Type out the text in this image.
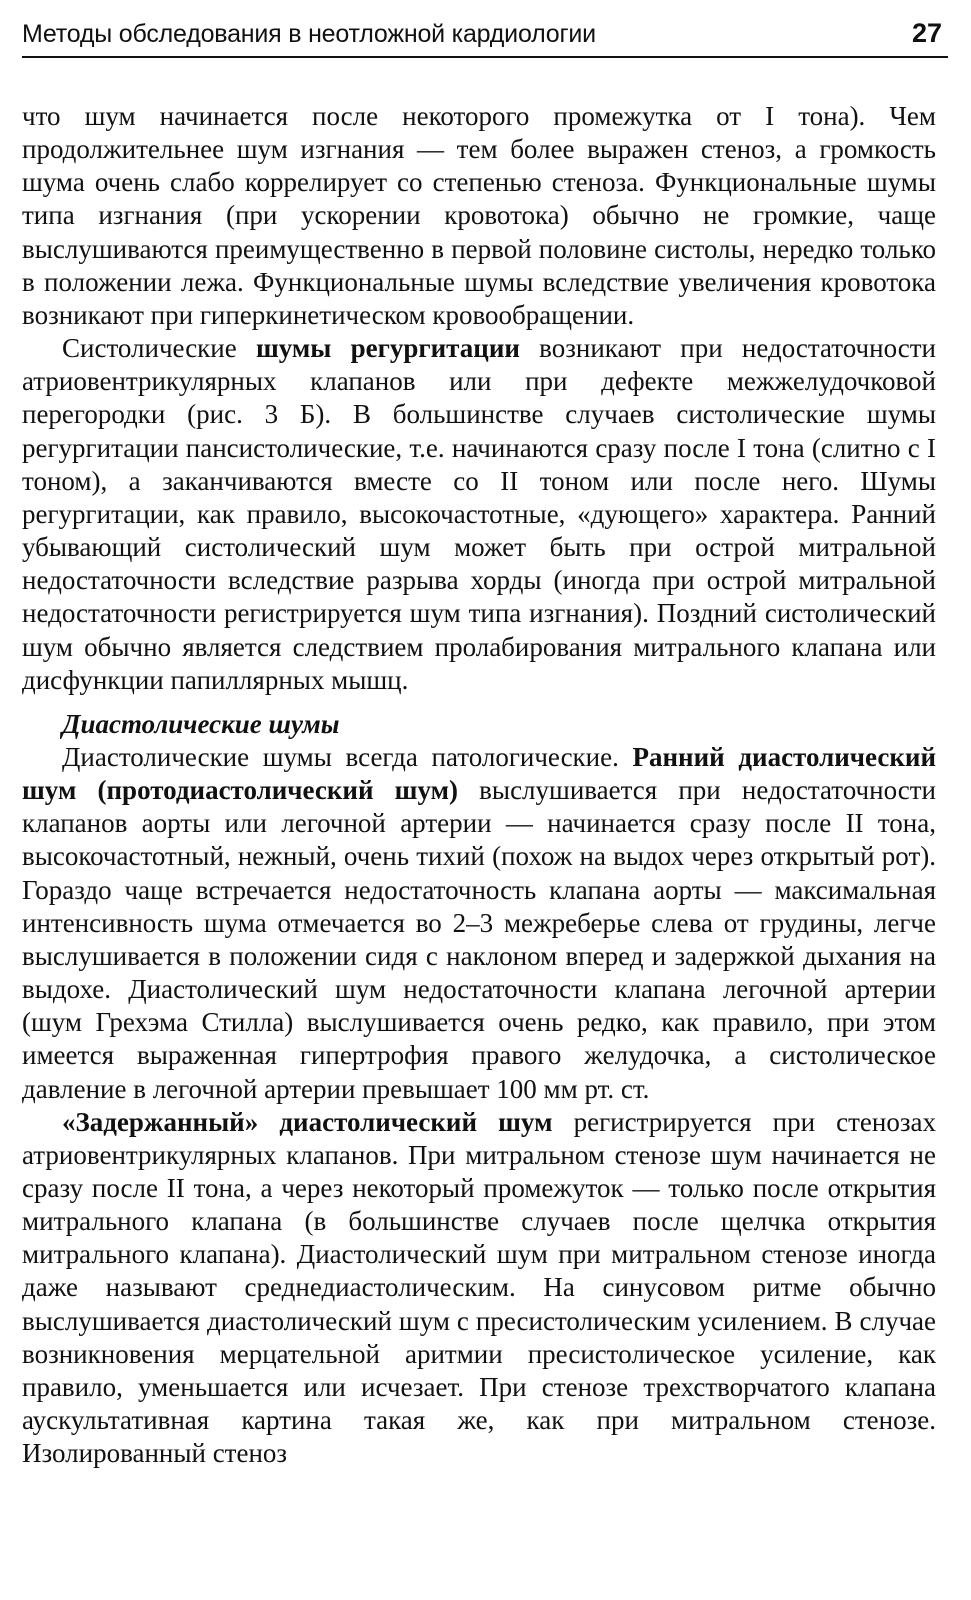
Методы обследования в неотложной кардиологии	27

что шум начинается после некоторого промежутка от I тона). Чем продолжительнее шум изгнания — тем более выражен стеноз, а громкость шума очень слабо коррелирует со степенью стеноза. Функциональные шумы типа изгнания (при ускорении кровотока) обычно не громкие, чаще выслушиваются преимущественно в первой половине систолы, нередко только в положении лежа. Функциональные шумы вследствие увеличения кровотока возникают при гиперкинетическом кровообращении.

Систолические шумы регургитации возникают при недостаточности атриовентрикулярных клапанов или при дефекте межжелудочковой перегородки (рис. 3 Б). В большинстве случаев систолические шумы регургитации пансистолические, т.е. начинаются сразу после I тона (слитно с I тоном), а заканчиваются вместе со II тоном или после него. Шумы регургитации, как правило, высокочастотные, «дующего» характера. Ранний убывающий систолический шум может быть при острой митральной недостаточности вследствие разрыва хорды (иногда при острой митральной недостаточности регистрируется шум типа изгнания). Поздний систолический шум обычно является следствием пролабирования митрального клапана или дисфункции папиллярных мышц.

Диастолические шумы

Диастолические шумы всегда патологические. Ранний диастолический шум (протодиастолический шум) выслушивается при недостаточности клапанов аорты или легочной артерии — начинается сразу после II тона, высокочастотный, нежный, очень тихий (похож на выдох через открытый рот). Гораздо чаще встречается недостаточность клапана аорты — максимальная интенсивность шума отмечается во 2–3 межреберье слева от грудины, легче выслушивается в положении сидя с наклоном вперед и задержкой дыхания на выдохе. Диастолический шум недостаточности клапана легочной артерии (шум Грехэма Стилла) выслушивается очень редко, как правило, при этом имеется выраженная гипертрофия правого желудочка, а систолическое давление в легочной артерии превышает 100 мм рт. ст.

«Задержанный» диастолический шум регистрируется при стенозах атриовентрикулярных клапанов. При митральном стенозе шум начинается не сразу после II тона, а через некоторый промежуток — только после открытия митрального клапана (в большинстве случаев после щелчка открытия митрального клапана). Диастолический шум при митральном стенозе иногда даже называют среднедиастолическим. На синусовом ритме обычно выслушивается диастолический шум с пресистолическим усилением. В случае возникновения мерцательной аритмии пресистолическое усиление, как правило, уменьшается или исчезает. При стенозе трехстворчатого клапана аускультативная картина такая же, как при митральном стенозе. Изолированный стеноз
